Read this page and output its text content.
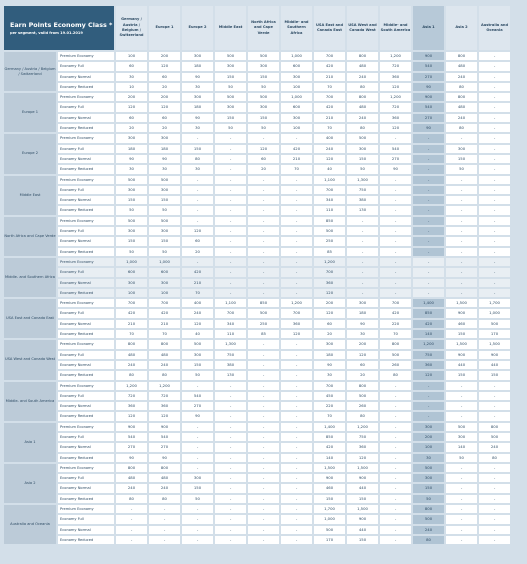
Earn Points Economy Class *
per segment, valid from 19.01.2019		Germany / Austria / Belgium / Switzerland	Europe 1	Europe 2	Middle East	North Africa and Cape Verde	Middle- and Southern Africa	USA East and Canada East	USA West and Canada West	Middle- and South America	Asia 1	Asia 2	Australia and Oceania
Germany / Austria / Belgium / Switzerland	Premium Economy	100	200	300	500	500	1,000	700	800	1,200	900	800	-
	Economy Full	60	120	180	300	300	600	420	480	720	540	480	-
	Economy Normal	30	60	90	150	150	300	210	240	360	270	240	-
	Economy Reduced	10	20	30	50	50	100	70	80	120	90	80	-
Europe 1	Premium Economy	200	200	300	500	500	1,000	700	800	1,200	900	800	-
	Economy Full	120	120	180	300	300	600	420	480	720	540	480	-
	Economy Normal	60	60	90	150	150	300	210	240	360	270	240	-
	Economy Reduced	20	20	30	50	50	100	70	80	120	90	80	-
Europe 2	Premium Economy	300	300	-	-	-	-	400	500	-	-	-	-
	Economy Full	180	180	150	-	120	420	240	300	540	-	300	-
	Economy Normal	90	90	80	-	60	210	120	150	270	-	150	-
	Economy Reduced	30	30	30	-	20	70	40	50	90	-	50	-
Middle East	Premium Economy	500	500	-	-	-	-	1,100	1,300	-	-	-	-
	Economy Full	300	300	-	-	-	-	700	750	-	-	-	-
	Economy Normal	150	150	-	-	-	-	340	380	-	-	-	-
	Economy Reduced	50	50	-	-	-	-	110	130	-	-	-	-
North Africa and Cape Verde	Premium Economy	500	500	-	-	-	-	850	-	-	-	-	-
	Economy Full	300	300	120	-	-	-	500	-	-	-	-	-
	Economy Normal	150	150	60	-	-	-	250	-	-	-	-	-
	Economy Reduced	50	50	20	-	-	-	85	-	-	-	-	-
Middle- and Southern Africa	Premium Economy	1,000	1,000	-	-	-	-	1,200	-	-	-	-	-
	Economy Full	600	600	420	-	-	-	700	-	-	-	-	-
	Economy Normal	300	300	210	-	-	-	360	-	-	-	-	-
	Economy Reduced	100	100	70	-	-	-	120	-	-	-	-	-
USA East and Canada East	Premium Economy	700	700	400	1,100	850	1,200	200	300	700	1,400	1,500	1,700
	Economy Full	420	420	240	700	500	700	120	180	420	850	900	1,000
	Economy Normal	210	210	120	340	250	360	60	90	220	420	460	500
	Economy Reduced	70	70	40	110	85	120	20	30	70	140	150	170
USA West and Canada West	Premium Economy	800	800	500	1,300	-	-	300	200	800	1,200	1,500	1,500
	Economy Full	480	480	300	750	-	-	180	120	500	750	900	900
	Economy Normal	240	240	150	380	-	-	90	60	260	360	440	440
	Economy Reduced	80	80	50	130	-	-	30	20	80	120	150	150
Middle- and South America	Premium Economy	1,200	1,200	-	-	-	-	700	800	-	-	-	-
	Economy Full	720	720	540	-	-	-	450	500	-	-	-	-
	Economy Normal	360	360	270	-	-	-	220	260	-	-	-	-
	Economy Reduced	120	120	90	-	-	-	70	80	-	-	-	-
Asia 1	Premium Economy	900	900	-	-	-	-	1,400	1,200	-	300	500	800
	Economy Full	540	540	-	-	-	-	850	750	-	200	300	500
	Economy Normal	270	270	-	-	-	-	420	360	-	100	140	240
	Economy Reduced	90	90	-	-	-	-	140	120	-	30	50	80
Asia 2	Premium Economy	800	800	-	-	-	-	1,500	1,500	-	500	-	-
	Economy Full	480	480	300	-	-	-	900	900	-	300	-	-
	Economy Normal	240	240	150	-	-	-	460	440	-	150	-	-
	Economy Reduced	80	80	50	-	-	-	150	150	-	50	-	-
Australia and Oceania	Premium Economy	-	-	-	-	-	-	1,700	1,500	-	800	-	-
	Economy Full	-	-	-	-	-	-	1,000	900	-	500	-	-
	Economy Normal	-	-	-	-	-	-	500	440	-	240	-	-
	Economy Reduced	-	-	-	-	-	-	170	150	-	80	-	-
